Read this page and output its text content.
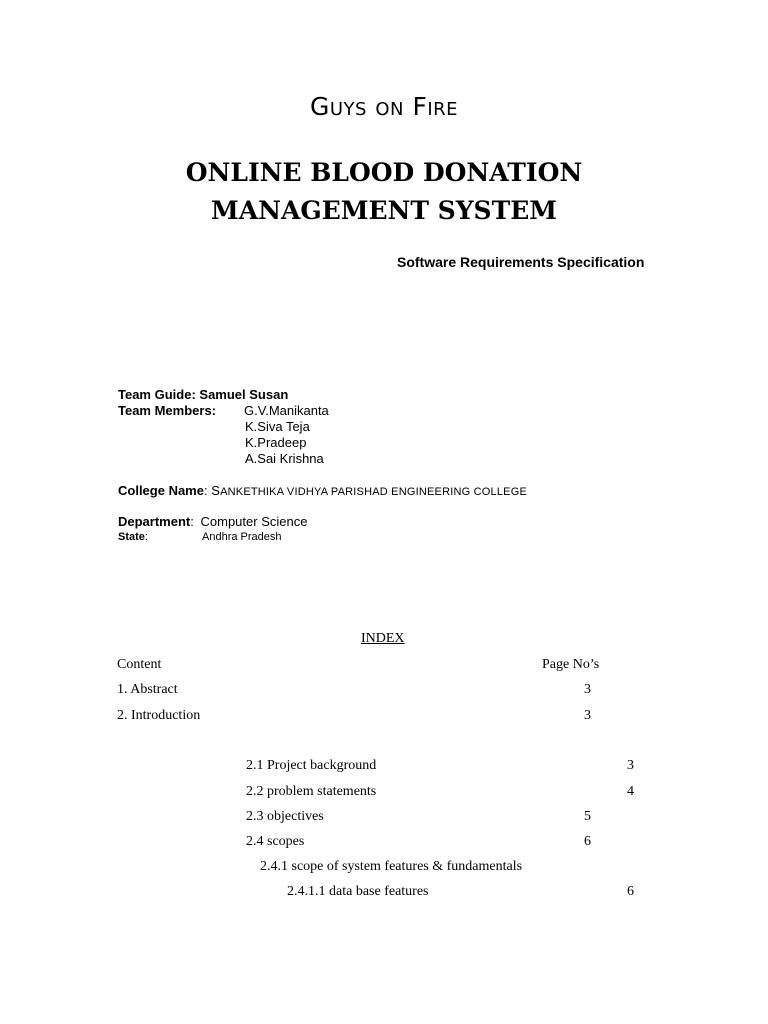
Guys on Fire
ONLINE BLOOD DONATION
MANAGEMENT SYSTEM
Software Requirements Specification
Team Guide: Samuel Susan
Team Members: G.V.Manikanta
K.Siva Teja
K.Pradeep
A.Sai Krishna
College Name: SANKETHIKA VIDHYA PARISHAD ENGINEERING COLLEGE
Department: Computer Science
State:	Andhra Pradesh
INDEX
Content	Page No’s
1. Abstract	3
2. Introduction	3
2.1 Project background	3
2.2 problem statements	4
2.3 objectives	5
2.4 scopes	6
2.4.1 scope of system features & fundamentals
2.4.1.1 data base features	6
